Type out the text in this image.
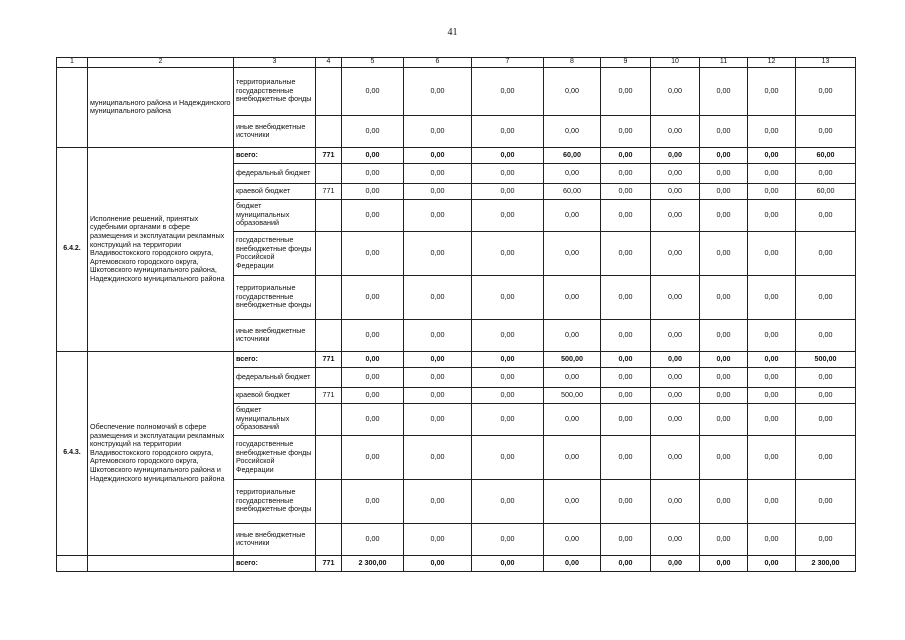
41
1	2	3	4	5	6	7	8	9	10	11	12	13
	муниципального района и Надеждинского муниципального района	территориальные государственные внебюджетные фонды		0,00	0,00	0,00	0,00	0,00	0,00	0,00	0,00	0,00
		иные внебюджетные источники		0,00	0,00	0,00	0,00	0,00	0,00	0,00	0,00	0,00
6.4.2.	Исполнение решений, принятых судебными органами в сфере размещения и эксплуатации рекламных конструкций на территории Владивостокского городского округа, Артемовского городского округа, Шкотовского муниципального района, Надеждинского муниципального района	всего:	771	0,00	0,00	0,00	60,00	0,00	0,00	0,00	0,00	60,00
		федеральный бюджет		0,00	0,00	0,00	0,00	0,00	0,00	0,00	0,00	0,00
		краевой бюджет	771	0,00	0,00	0,00	60,00	0,00	0,00	0,00	0,00	60,00
		бюджет муниципальных образований		0,00	0,00	0,00	0,00	0,00	0,00	0,00	0,00	0,00
		государственные внебюджетные фонды Российской Федерации		0,00	0,00	0,00	0,00	0,00	0,00	0,00	0,00	0,00
		территориальные государственные внебюджетные фонды		0,00	0,00	0,00	0,00	0,00	0,00	0,00	0,00	0,00
		иные внебюджетные источники		0,00	0,00	0,00	0,00	0,00	0,00	0,00	0,00	0,00
6.4.3.	Обеспечение полномочий в сфере размещения и эксплуатации рекламных конструкций на территории Владивостокского городского округа, Артемовского городского округа, Шкотовского муниципального района и Надеждинского муниципального района	всего:	771	0,00	0,00	0,00	500,00	0,00	0,00	0,00	0,00	500,00
		федеральный бюджет		0,00	0,00	0,00	0,00	0,00	0,00	0,00	0,00	0,00
		краевой бюджет	771	0,00	0,00	0,00	500,00	0,00	0,00	0,00	0,00	0,00
		бюджет муниципальных образований		0,00	0,00	0,00	0,00	0,00	0,00	0,00	0,00	0,00
		государственные внебюджетные фонды Российской Федерации		0,00	0,00	0,00	0,00	0,00	0,00	0,00	0,00	0,00
		территориальные государственные внебюджетные фонды		0,00	0,00	0,00	0,00	0,00	0,00	0,00	0,00	0,00
		иные внебюджетные источники		0,00	0,00	0,00	0,00	0,00	0,00	0,00	0,00	0,00
		всего:	771	2 300,00	0,00	0,00	0,00	0,00	0,00	0,00	0,00	2 300,00
